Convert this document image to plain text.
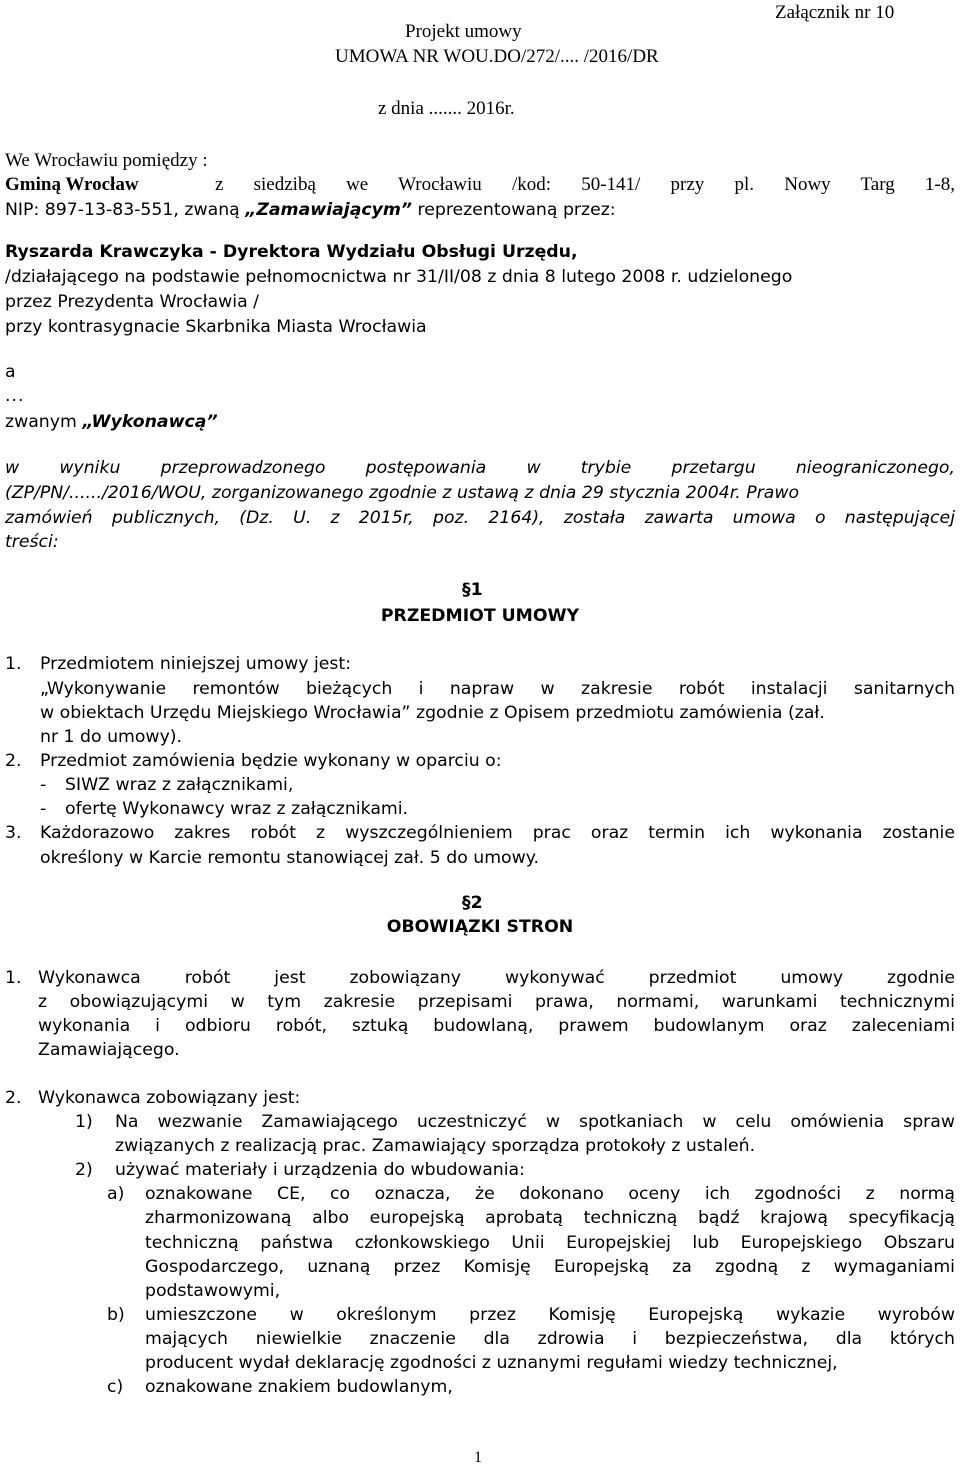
Projekt umowy
UMOWA NR WOU.DO/272/.... /2016/DR
z dnia ....... 2016r.
Załącznik nr 10
We Wrocławiu pomiędzy :
Gminą Wrocław	z siedzibą we Wrocławiu /kod: 50-141/ przy pl. Nowy Targ 1-8,
NIP: 897-13-83-551, zwaną „Zamawiającym” reprezentowaną przez:
Ryszarda Krawczyka - Dyrektora Wydziału Obsługi Urzędu,
/działającego na podstawie pełnomocnictwa nr 31/II/08 z dnia 8 lutego 2008 r. udzielonego
przez Prezydenta Wrocławia /
przy kontrasygnacie Skarbnika Miasta Wrocławia
a
...
zwanym „Wykonawcą”
w wyniku przeprowadzonego postępowania w trybie przetargu nieograniczonego,
(ZP/PN/....../2016/WOU, zorganizowanego zgodnie z ustawą z dnia 29 stycznia 2004r. Prawo
zamówień publicznych, (Dz. U. z 2015r, poz. 2164), została zawarta umowa o następującej
treści:
§1
PRZEDMIOT UMOWY
1. Przedmiotem niniejszej umowy jest:
„Wykonywanie remontów bieżących i napraw w zakresie robót instalacji sanitarnych
w obiektach Urzędu Miejskiego Wrocławia” zgodnie z Opisem przedmiotu zamówienia (zał.
nr 1 do umowy).
2. Przedmiot zamówienia będzie wykonany w oparciu o:
- SIWZ wraz z załącznikami,
- ofertę Wykonawcy wraz z załącznikami.
3. Każdorazowo zakres robót z wyszczególnieniem prac oraz termin ich wykonania zostanie
określony w Karcie remontu stanowiącej zał. 5 do umowy.
§2
OBOWIĄZKI STRON
1. Wykonawca robót jest zobowiązany wykonywać przedmiot umowy zgodnie
z obowiązującymi w tym zakresie przepisami prawa, normami, warunkami technicznymi
wykonania i odbioru robót, sztuką budowlaną, prawem budowlanym oraz zaleceniami
Zamawiającego.
2. Wykonawca zobowiązany jest:
1) Na wezwanie Zamawiającego uczestniczyć w spotkaniach w celu omówienia spraw
związanych z realizacją prac. Zamawiający sporządza protokoły z ustaleń.
2) używać materiały i urządzenia do wbudowania:
a) oznakowane CE, co oznacza, że dokonano oceny ich zgodności z normą
zharmonizowaną albo europejską aprobatą techniczną bądź krajową specyfikacją
techniczną państwa członkowskiego Unii Europejskiej lub Europejskiego Obszaru
Gospodarczego, uznaną przez Komisję Europejską za zgodną z wymaganiami
podstawowymi,
b) umieszczone w określonym przez Komisję Europejską wykazie wyrobów
mających niewielkie znaczenie dla zdrowia i bezpieczeństwa, dla których
producent wydał deklarację zgodności z uznanymi regułami wiedzy technicznej,
c) oznakowane znakiem budowlanym,
1
